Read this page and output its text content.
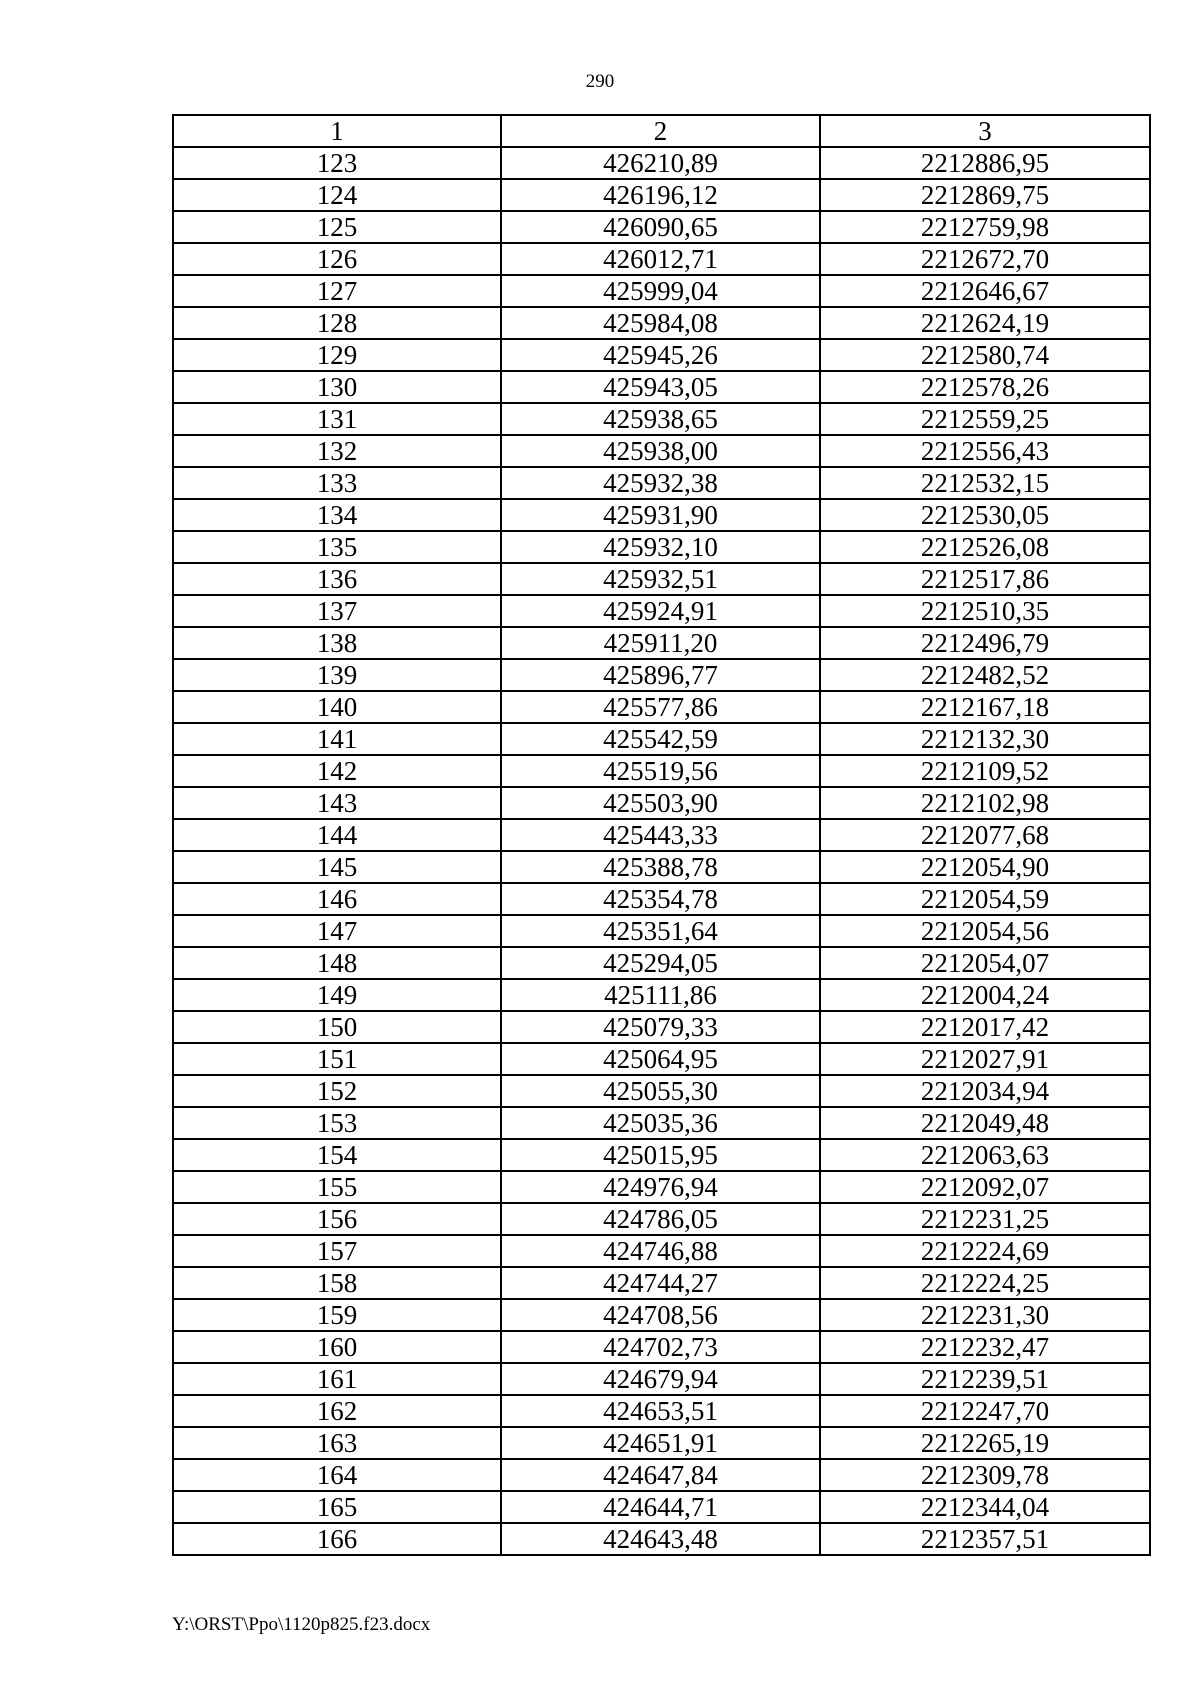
290
1	2	3
123	426210,89	2212886,95
124	426196,12	2212869,75
125	426090,65	2212759,98
126	426012,71	2212672,70
127	425999,04	2212646,67
128	425984,08	2212624,19
129	425945,26	2212580,74
130	425943,05	2212578,26
131	425938,65	2212559,25
132	425938,00	2212556,43
133	425932,38	2212532,15
134	425931,90	2212530,05
135	425932,10	2212526,08
136	425932,51	2212517,86
137	425924,91	2212510,35
138	425911,20	2212496,79
139	425896,77	2212482,52
140	425577,86	2212167,18
141	425542,59	2212132,30
142	425519,56	2212109,52
143	425503,90	2212102,98
144	425443,33	2212077,68
145	425388,78	2212054,90
146	425354,78	2212054,59
147	425351,64	2212054,56
148	425294,05	2212054,07
149	425111,86	2212004,24
150	425079,33	2212017,42
151	425064,95	2212027,91
152	425055,30	2212034,94
153	425035,36	2212049,48
154	425015,95	2212063,63
155	424976,94	2212092,07
156	424786,05	2212231,25
157	424746,88	2212224,69
158	424744,27	2212224,25
159	424708,56	2212231,30
160	424702,73	2212232,47
161	424679,94	2212239,51
162	424653,51	2212247,70
163	424651,91	2212265,19
164	424647,84	2212309,78
165	424644,71	2212344,04
166	424643,48	2212357,51
Y:\ORST\Ppo\1120p825.f23.docx
